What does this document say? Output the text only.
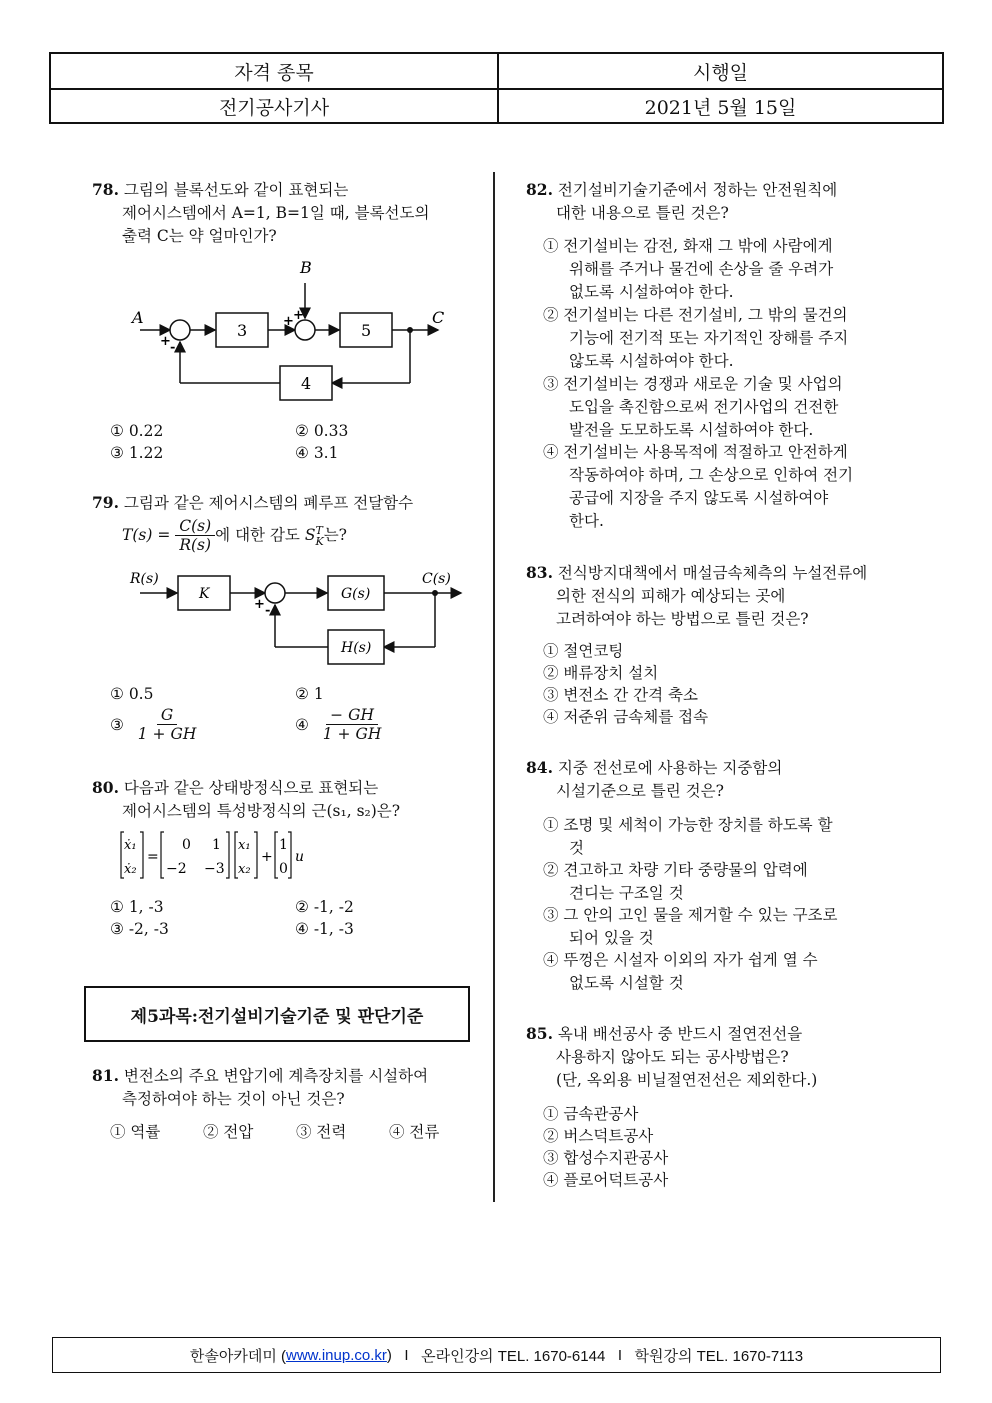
자격 종목	시행일
전기공사기사	2021년 5월 15일
78. 그림의 블록선도와 같이 표현되는
제어시스템에서 A=1, B=1일 때, 블록선도의
출력 C는 약 얼마인가?
A
B
C
3	5
4
+ -
+ +
① 0.22	② 0.33
③ 1.22	④ 3.1
79. 그림과 같은 제어시스템의 폐루프 전달함수
T(s) =
$\frac{C(s)}{R(s)}$ 에 대한 감도
S T
K 는?
R(s)	C(s)
K	G(s)
H(s)
+ -
① 0.5	② 1
③
$\frac{G}{1 + GH}$	④
$\frac{- GH}{1 + GH}$
80. 다음과 같은 상태방정식으로 표현되는
제어시스템의 특성방정식의 근(s₁, s₂)은?
ẋ₁
ẋ₂
=
0 1
−2 −3
x₁
x₂
+
1
0
u
① 1, -3	② -1, -2
③ -2, -3	④ -1, -3
제5과목:전기설비기술기준 및 판단기준
81. 변전소의 주요 변압기에 계측장치를 시설하여
측정하여야 하는 것이 아닌 것은?
① 역률	② 전압	③ 전력	④ 전류
82. 전기설비기술기준에서 정하는 안전원칙에
대한 내용으로 틀린 것은?
① 전기설비는 감전, 화재 그 밖에 사람에게
위해를 주거나 물건에 손상을 줄 우려가
없도록 시설하여야 한다.
② 전기설비는 다른 전기설비, 그 밖의 물건의
기능에 전기적 또는 자기적인 장해를 주지
않도록 시설하여야 한다.
③ 전기설비는 경쟁과 새로운 기술 및 사업의
도입을 촉진함으로써 전기사업의 건전한
발전을 도모하도록 시설하여야 한다.
④ 전기설비는 사용목적에 적절하고 안전하게
작동하여야 하며, 그 손상으로 인하여 전기
공급에 지장을 주지 않도록 시설하여야
한다.
83. 전식방지대책에서 매설금속체측의 누설전류에
의한 전식의 피해가 예상되는 곳에
고려하여야 하는 방법으로 틀린 것은?
① 절연코팅
② 배류장치 설치
③ 변전소 간 간격 축소
④ 저준위 금속체를 접속
84. 지중 전선로에 사용하는 지중함의
시설기준으로 틀린 것은?
① 조명 및 세척이 가능한 장치를 하도록 할
것
② 견고하고 차량 기타 중량물의 압력에
견디는 구조일 것
③ 그 안의 고인 물을 제거할 수 있는 구조로
되어 있을 것
④ 뚜껑은 시설자 이외의 자가 쉽게 열 수
없도록 시설할 것
85. 옥내 배선공사 중 반드시 절연전선을
사용하지 않아도 되는 공사방법은?
(단, 옥외용 비닐절연전선은 제외한다.)
① 금속관공사
② 버스덕트공사
③ 합성수지관공사
④ 플로어덕트공사
한솔아카데미 ( www.inup.co.kr )
I
온라인강의 TEL. 1670-6144
I
학원강의 TEL. 1670-7113
